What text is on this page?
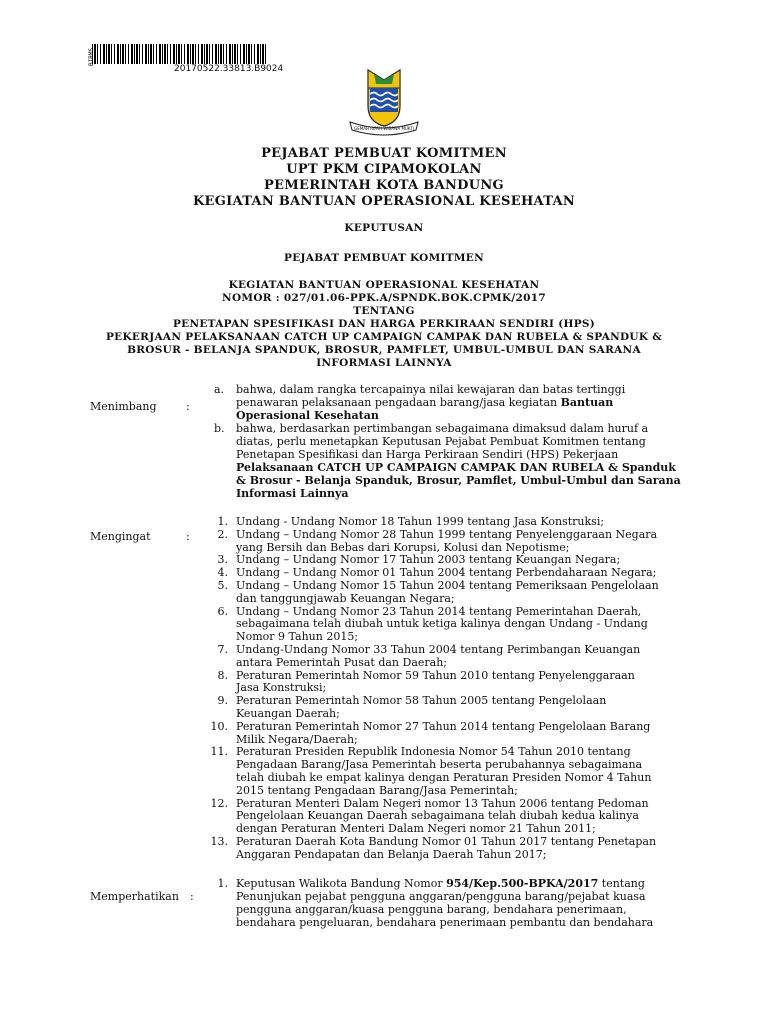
BIRMS
20170522.33813.B9024
GEMAH RIPAH WIBAWA MUKTI
PEJABAT PEMBUAT KOMITMEN
UPT PKM CIPAMOKOLAN
PEMERINTAH KOTA BANDUNG
KEGIATAN BANTUAN OPERASIONAL KESEHATAN
KEPUTUSAN
PEJABAT PEMBUAT KOMITMEN
KEGIATAN BANTUAN OPERASIONAL KESEHATAN
NOMOR : 027/01.06-PPK.A/SPNDK.BOK.CPMK/2017
TENTANG
PENETAPAN SPESIFIKASI DAN HARGA PERKIRAAN SENDIRI (HPS)
PEKERJAAN PELAKSANAAN CATCH UP CAMPAIGN CAMPAK DAN RUBELA & SPANDUK &
BROSUR - BELANJA SPANDUK, BROSUR, PAMFLET, UMBUL-UMBUL DAN SARANA
INFORMASI LAINNYA
Menimbang	:
a. bahwa, dalam rangka tercapainya nilai kewajaran dan batas tertinggi
penawaran pelaksanaan pengadaan barang/jasa kegiatan Bantuan
Operasional Kesehatan
b. bahwa, berdasarkan pertimbangan sebagaimana dimaksud dalam huruf a
diatas, perlu menetapkan Keputusan Pejabat Pembuat Komitmen tentang
Penetapan Spesifikasi dan Harga Perkiraan Sendiri (HPS) Pekerjaan
Pelaksanaan CATCH UP CAMPAIGN CAMPAK DAN RUBELA & Spanduk
& Brosur - Belanja Spanduk, Brosur, Pamflet, Umbul-Umbul dan Sarana
Informasi Lainnya
Mengingat	:
1. Undang - Undang Nomor 18 Tahun 1999 tentang Jasa Konstruksi;
2. Undang – Undang Nomor 28 Tahun 1999 tentang Penyelenggaraan Negara
yang Bersih dan Bebas dari Korupsi, Kolusi dan Nepotisme;
3. Undang – Undang Nomor 17 Tahun 2003 tentang Keuangan Negara;
4. Undang – Undang Nomor 01 Tahun 2004 tentang Perbendaharaan Negara;
5. Undang – Undang Nomor 15 Tahun 2004 tentang Pemeriksaan Pengelolaan
dan tanggungjawab Keuangan Negara;
6. Undang – Undang Nomor 23 Tahun 2014 tentang Pemerintahan Daerah,
sebagaimana telah diubah untuk ketiga kalinya dengan Undang - Undang
Nomor 9 Tahun 2015;
7. Undang-Undang Nomor 33 Tahun 2004 tentang Perimbangan Keuangan
antara Pemerintah Pusat dan Daerah;
8. Peraturan Pemerintah Nomor 59 Tahun 2010 tentang Penyelenggaraan
Jasa Konstruksi;
9. Peraturan Pemerintah Nomor 58 Tahun 2005 tentang Pengelolaan
Keuangan Daerah;
10. Peraturan Pemerintah Nomor 27 Tahun 2014 tentang Pengelolaan Barang
Milik Negara/Daerah;
11. Peraturan Presiden Republik Indonesia Nomor 54 Tahun 2010 tentang
Pengadaan Barang/Jasa Pemerintah beserta perubahannya sebagaimana
telah diubah ke empat kalinya dengan Peraturan Presiden Nomor 4 Tahun
2015 tentang Pengadaan Barang/Jasa Pemerintah;
12. Peraturan Menteri Dalam Negeri nomor 13 Tahun 2006 tentang Pedoman
Pengelolaan Keuangan Daerah sebagaimana telah diubah kedua kalinya
dengan Peraturan Menteri Dalam Negeri nomor 21 Tahun 2011;
13. Peraturan Daerah Kota Bandung Nomor 01 Tahun 2017 tentang Penetapan
Anggaran Pendapatan dan Belanja Daerah Tahun 2017;
Memperhatikan :
1. Keputusan Walikota Bandung Nomor 954/Kep.500-BPKA/2017 tentang
Penunjukan pejabat pengguna anggaran/pengguna barang/pejabat kuasa
pengguna anggaran/kuasa pengguna barang, bendahara penerimaan,
bendahara pengeluaran, bendahara penerimaan pembantu dan bendahara
